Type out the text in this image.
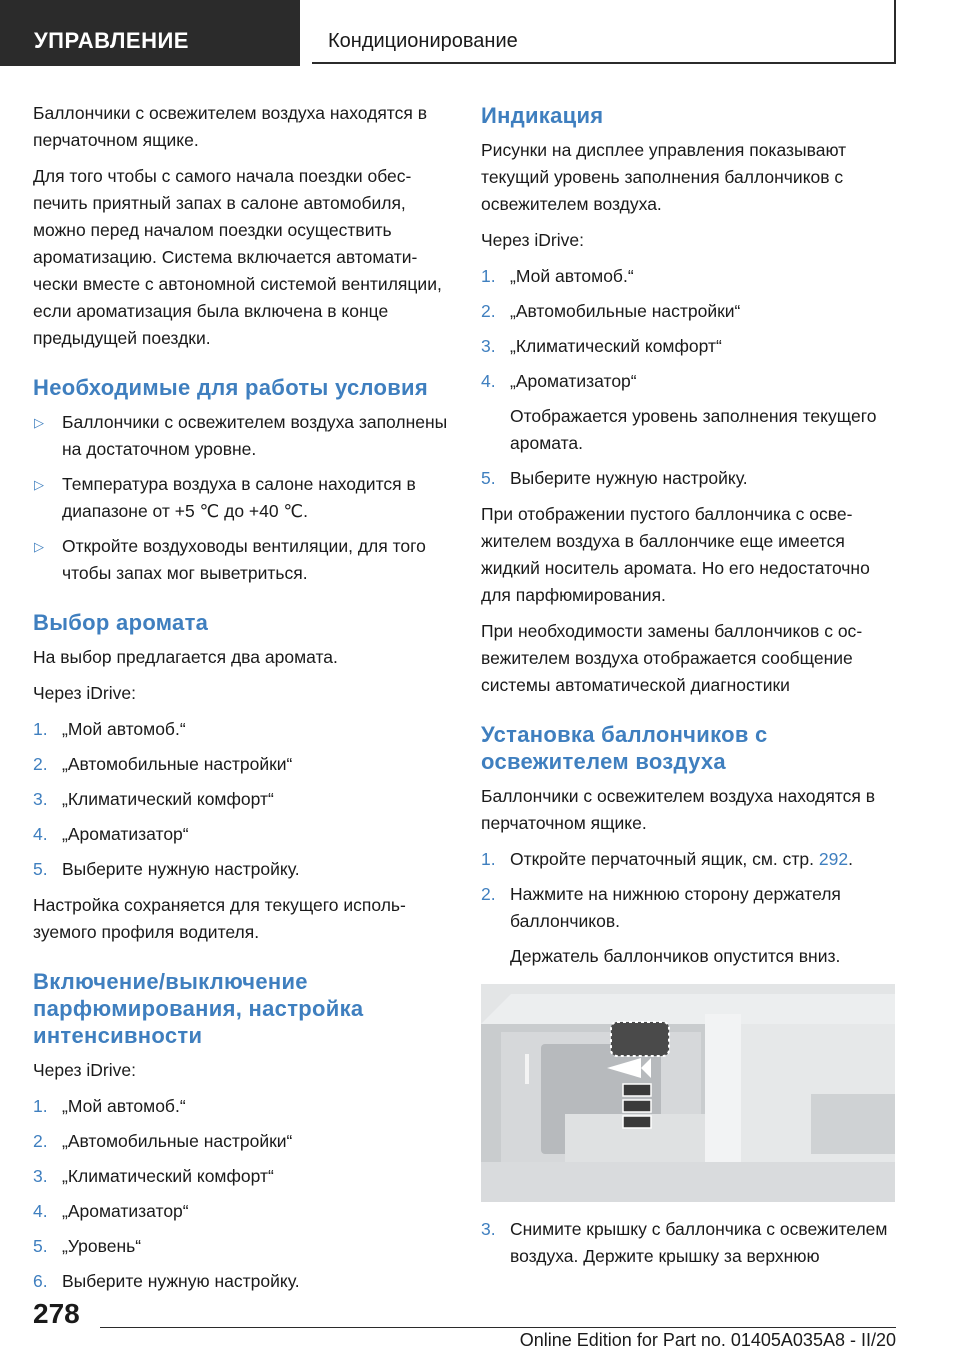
УПРАВЛЕНИЕ	Кондиционирование

Баллончики с освежителем воздуха находятся в перчаточном ящике.

Для того чтобы с самого начала поездки обеспечить приятный запах в салоне автомобиля, можно перед началом поездки осуществить ароматизацию. Система включается автоматически вместе с автономной системой вентиляции, если ароматизация была включена в конце предыдущей поездки.

Необходимые для работы условия
▷ Баллончики с освежителем воздуха заполнены на достаточном уровне.
▷ Температура воздуха в салоне находится в диапазоне от +5 ℃ до +40 ℃.
▷ Откройте воздуховоды вентиляции, для того чтобы запах мог выветриться.
Выбор аромата

На выбор предлагается два аромата.

Через iDrive:

1. „Мой автомоб.“
2. „Автомобильные настройки“
3. „Климатический комфорт“
4. „Ароматизатор“
5. Выберите нужную настройку.

Настройка сохраняется для текущего используемого профиля водителя.

Включение/выключение парфюмирования, настройка интенсивности

Через iDrive:

1. „Мой автомоб.“
2. „Автомобильные настройки“
3. „Климатический комфорт“
4. „Ароматизатор“
5. „Уровень“
6. Выберите нужную настройку.
Индикация

Рисунки на дисплее управления показывают текущий уровень заполнения баллончиков с освежителем воздуха.

Через iDrive:

1. „Мой автомоб.“
2. „Автомобильные настройки“
3. „Климатический комфорт“
4. „Ароматизатор“
Отображается уровень заполнения текущего аромата.
5. Выберите нужную настройку.

При отображении пустого баллончика с освежителем воздуха в баллончике еще имеется жидкий носитель аромата. Но его недостаточно для парфюмирования.

При необходимости замены баллончиков с освежителем воздуха отображается сообщение системы автоматической диагностики

Установка баллончиков с освежителем воздуха

Баллончики с освежителем воздуха находятся в перчаточном ящике.

1. Откройте перчаточный ящик, см. стр. 292.
2. Нажмите на нижнюю сторону держателя баллончиков.
Держатель баллончиков опустится вниз.
3. Снимите крышку с баллончика с освежителем воздуха. Держите крышку за верхнюю
278
Online Edition for Part no. 01405A035A8 - II/20
